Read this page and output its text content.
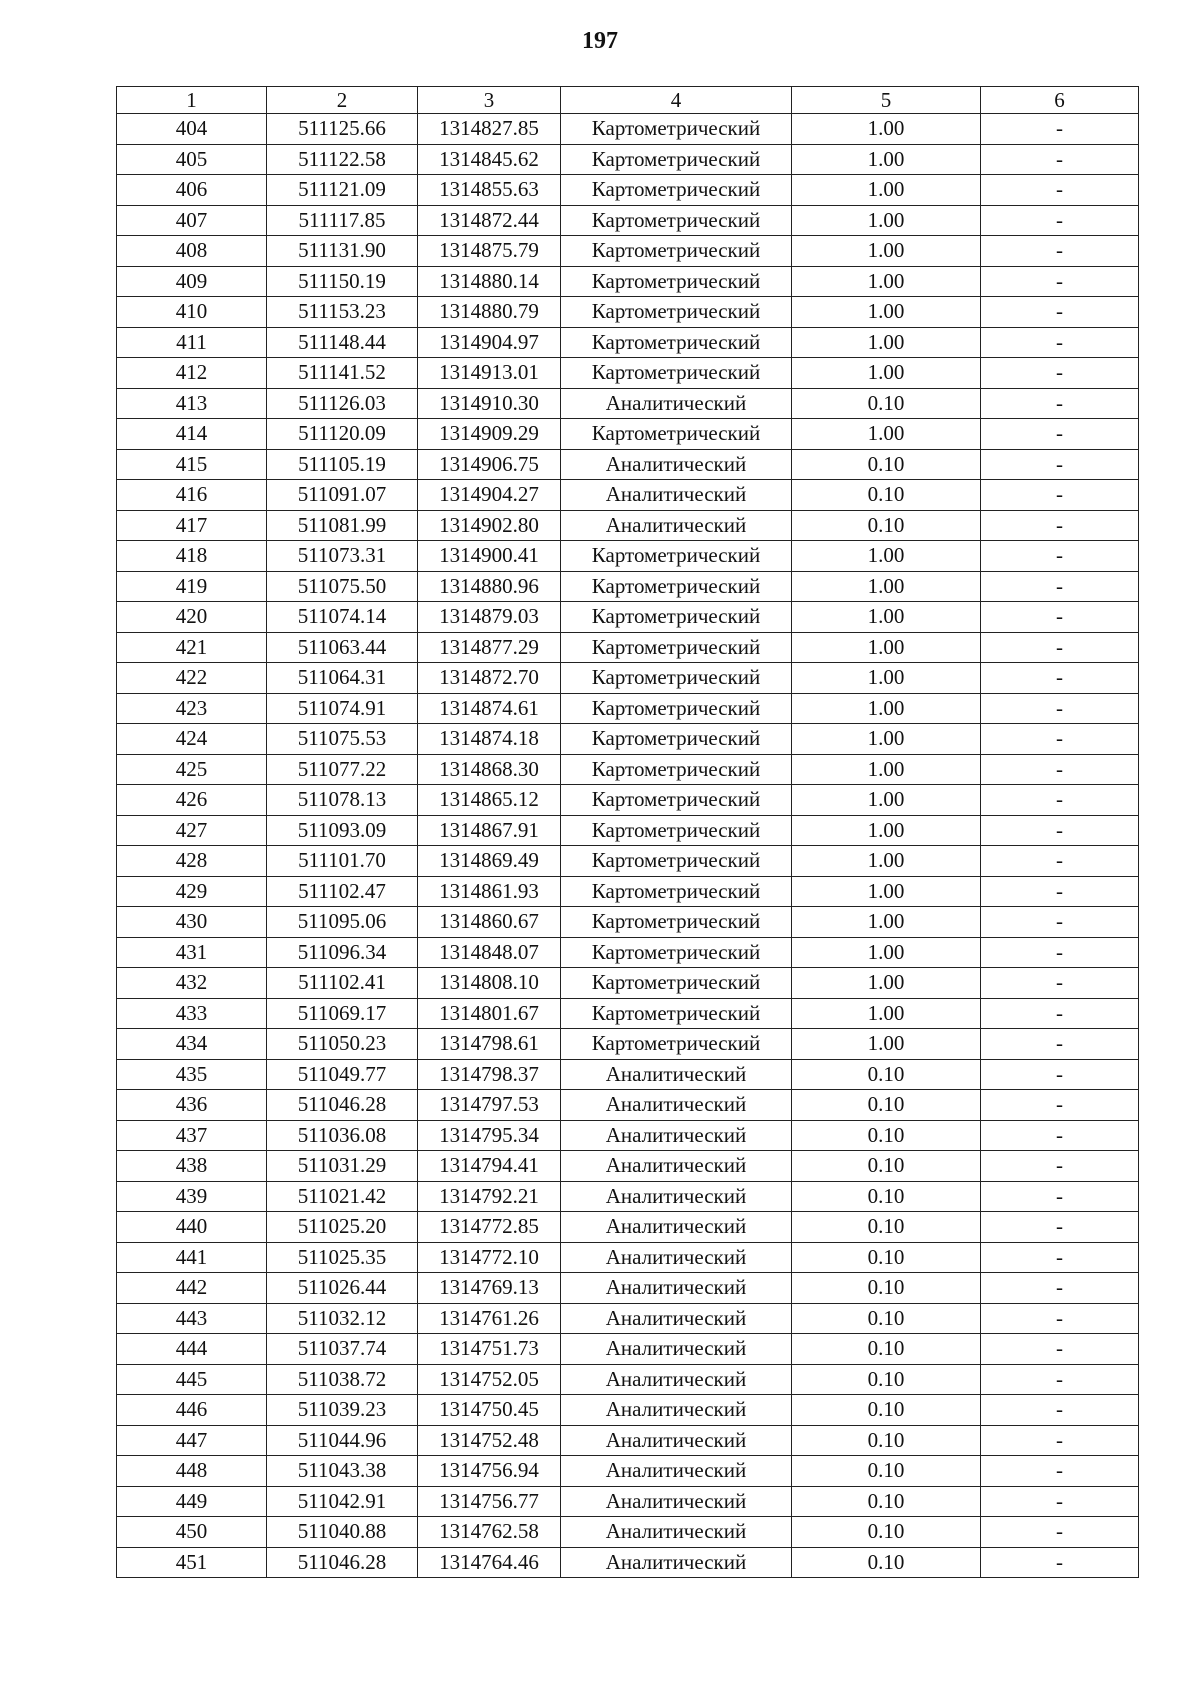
197
1	2	3	4	5	6
404	511125.66	1314827.85	Картометрический	1.00	-
405	511122.58	1314845.62	Картометрический	1.00	-
406	511121.09	1314855.63	Картометрический	1.00	-
407	511117.85	1314872.44	Картометрический	1.00	-
408	511131.90	1314875.79	Картометрический	1.00	-
409	511150.19	1314880.14	Картометрический	1.00	-
410	511153.23	1314880.79	Картометрический	1.00	-
411	511148.44	1314904.97	Картометрический	1.00	-
412	511141.52	1314913.01	Картометрический	1.00	-
413	511126.03	1314910.30	Аналитический	0.10	-
414	511120.09	1314909.29	Картометрический	1.00	-
415	511105.19	1314906.75	Аналитический	0.10	-
416	511091.07	1314904.27	Аналитический	0.10	-
417	511081.99	1314902.80	Аналитический	0.10	-
418	511073.31	1314900.41	Картометрический	1.00	-
419	511075.50	1314880.96	Картометрический	1.00	-
420	511074.14	1314879.03	Картометрический	1.00	-
421	511063.44	1314877.29	Картометрический	1.00	-
422	511064.31	1314872.70	Картометрический	1.00	-
423	511074.91	1314874.61	Картометрический	1.00	-
424	511075.53	1314874.18	Картометрический	1.00	-
425	511077.22	1314868.30	Картометрический	1.00	-
426	511078.13	1314865.12	Картометрический	1.00	-
427	511093.09	1314867.91	Картометрический	1.00	-
428	511101.70	1314869.49	Картометрический	1.00	-
429	511102.47	1314861.93	Картометрический	1.00	-
430	511095.06	1314860.67	Картометрический	1.00	-
431	511096.34	1314848.07	Картометрический	1.00	-
432	511102.41	1314808.10	Картометрический	1.00	-
433	511069.17	1314801.67	Картометрический	1.00	-
434	511050.23	1314798.61	Картометрический	1.00	-
435	511049.77	1314798.37	Аналитический	0.10	-
436	511046.28	1314797.53	Аналитический	0.10	-
437	511036.08	1314795.34	Аналитический	0.10	-
438	511031.29	1314794.41	Аналитический	0.10	-
439	511021.42	1314792.21	Аналитический	0.10	-
440	511025.20	1314772.85	Аналитический	0.10	-
441	511025.35	1314772.10	Аналитический	0.10	-
442	511026.44	1314769.13	Аналитический	0.10	-
443	511032.12	1314761.26	Аналитический	0.10	-
444	511037.74	1314751.73	Аналитический	0.10	-
445	511038.72	1314752.05	Аналитический	0.10	-
446	511039.23	1314750.45	Аналитический	0.10	-
447	511044.96	1314752.48	Аналитический	0.10	-
448	511043.38	1314756.94	Аналитический	0.10	-
449	511042.91	1314756.77	Аналитический	0.10	-
450	511040.88	1314762.58	Аналитический	0.10	-
451	511046.28	1314764.46	Аналитический	0.10	-
